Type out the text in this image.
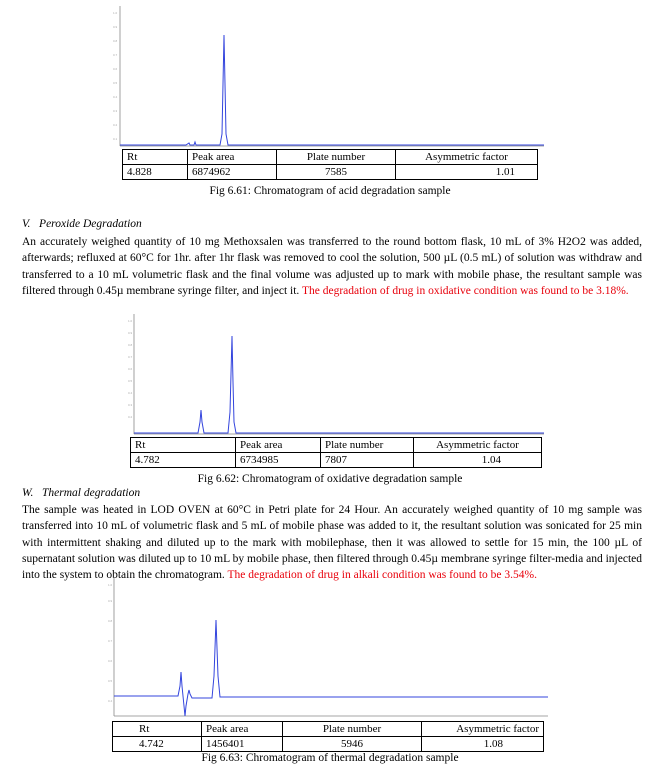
1.0
0.9
0.8
0.7
0.6
0.5
0.4
0.3
0.2
0.1
Rt	Peak area	Plate number	Asymmetric factor
4.828	6874962	7585	1.01
Fig 6.61: Chromatogram of acid degradation sample
V. Peroxide Degradation
An accurately weighed quantity of 10 mg Methoxsalen was transferred to the round bottom flask, 10 mL of 3% H2O2 was added, afterwards; refluxed at 60°C for 1hr. after 1hr flask was removed to cool the solution, 500 µL (0.5 mL) of solution was withdraw and transferred to a 10 mL volumetric flask and the final volume was adjusted up to mark with mobile phase, the resultant sample was filtered through 0.45µ membrane syringe filter, and inject it. The degradation of drug in oxidative condition was found to be 3.18%.
1.0
0.9
0.8
0.7
0.6
0.5
0.4
0.3
0.2
Rt	Peak area	Plate number	Asymmetric factor
4.782	6734985	7807	1.04
Fig 6.62: Chromatogram of oxidative degradation sample
W. Thermal degradation
The sample was heated in LOD OVEN at 60°C in Petri plate for 24 Hour. An accurately weighed quantity of 10 mg sample was transferred into 10 mL of volumetric flask and 5 mL of mobile phase was added to it, the resultant solution was sonicated for 25 min with intermittent shaking and diluted up to the mark with mobilephase, then it was allowed to settle for 15 min, the 100 µL of supernatant solution was diluted up to 10 mL by mobile phase, then filtered through 0.45µ membrane syringe filter-media and injected into the system to obtain the chromatogram. The degradation of drug in alkali condition was found to be 3.54%.
1.0
0.9
0.8
0.7
0.6
0.5
0.4
Rt	Peak area	Plate number	Asymmetric factor
4.742	1456401	5946	1.08
Fig 6.63: Chromatogram of thermal degradation sample
